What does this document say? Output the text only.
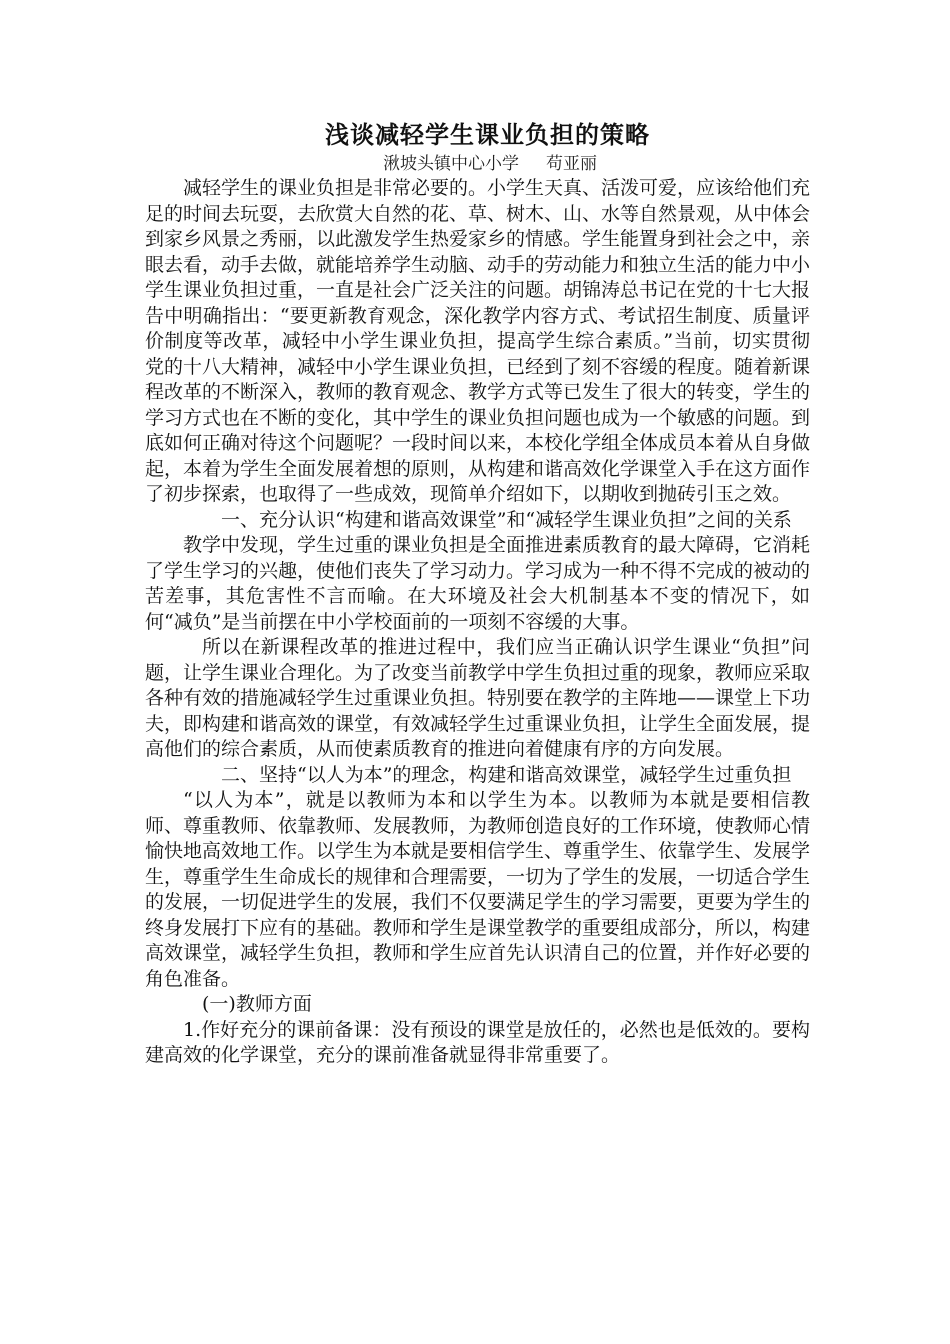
浅谈减轻学生课业负担的策略
湫坡头镇中心小学     苟亚丽

减轻学生的课业负担是非常必要的。小学生天真、活泼可爱，应该给他们充足的时间去玩耍，去欣赏大自然的花、草、树木、山、水等自然景观，从中体会到家乡风景之秀丽，以此激发学生热爱家乡的情感。学生能置身到社会之中，亲眼去看，动手去做，就能培养学生动脑、动手的劳动能力和独立生活的能力中小学生课业负担过重，一直是社会广泛关注的问题。胡锦涛总书记在党的十七大报告中明确指出：“要更新教育观念，深化教学内容方式、考试招生制度、质量评价制度等改革，减轻中小学生课业负担，提高学生综合素质。”当前，切实贯彻党的十八大精神，减轻中小学生课业负担，已经到了刻不容缓的程度。随着新课程改革的不断深入，教师的教育观念、教学方式等已发生了很大的转变，学生的学习方式也在不断的变化，其中学生的课业负担问题也成为一个敏感的问题。到底如何正确对待这个问题呢？一段时间以来，本校化学组全体成员本着从自身做起，本着为学生全面发展着想的原则，从构建和谐高效化学课堂入手在这方面作了初步探索，也取得了一些成效，现简单介绍如下，以期收到抛砖引玉之效。

一、充分认识“构建和谐高效课堂”和“减轻学生课业负担”之间的关系

教学中发现，学生过重的课业负担是全面推进素质教育的最大障碍，它消耗了学生学习的兴趣，使他们丧失了学习动力。学习成为一种不得不完成的被动的苦差事，其危害性不言而喻。在大环境及社会大机制基本不变的情况下，如何“减负”是当前摆在中小学校面前的一项刻不容缓的大事。

所以在新课程改革的推进过程中，我们应当正确认识学生课业“负担”问题，让学生课业合理化。为了改变当前教学中学生负担过重的现象，教师应采取各种有效的措施减轻学生过重课业负担。特别要在教学的主阵地——课堂上下功夫，即构建和谐高效的课堂，有效减轻学生过重课业负担，让学生全面发展，提高他们的综合素质，从而使素质教育的推进向着健康有序的方向发展。

二、坚持“以人为本”的理念，构建和谐高效课堂，减轻学生过重负担

“以人为本”，就是以教师为本和以学生为本。以教师为本就是要相信教师、尊重教师、依靠教师、发展教师，为教师创造良好的工作环境，使教师心情愉快地高效地工作。以学生为本就是要相信学生、尊重学生、依靠学生、发展学生，尊重学生生命成长的规律和合理需要，一切为了学生的发展，一切适合学生的发展，一切促进学生的发展，我们不仅要满足学生的学习需要，更要为学生的终身发展打下应有的基础。教师和学生是课堂教学的重要组成部分，所以，构建高效课堂，减轻学生负担，教师和学生应首先认识清自己的位置，并作好必要的角色准备。

(一)教师方面

1.作好充分的课前备课：没有预设的课堂是放任的，必然也是低效的。要构建高效的化学课堂，充分的课前准备就显得非常重要了。
